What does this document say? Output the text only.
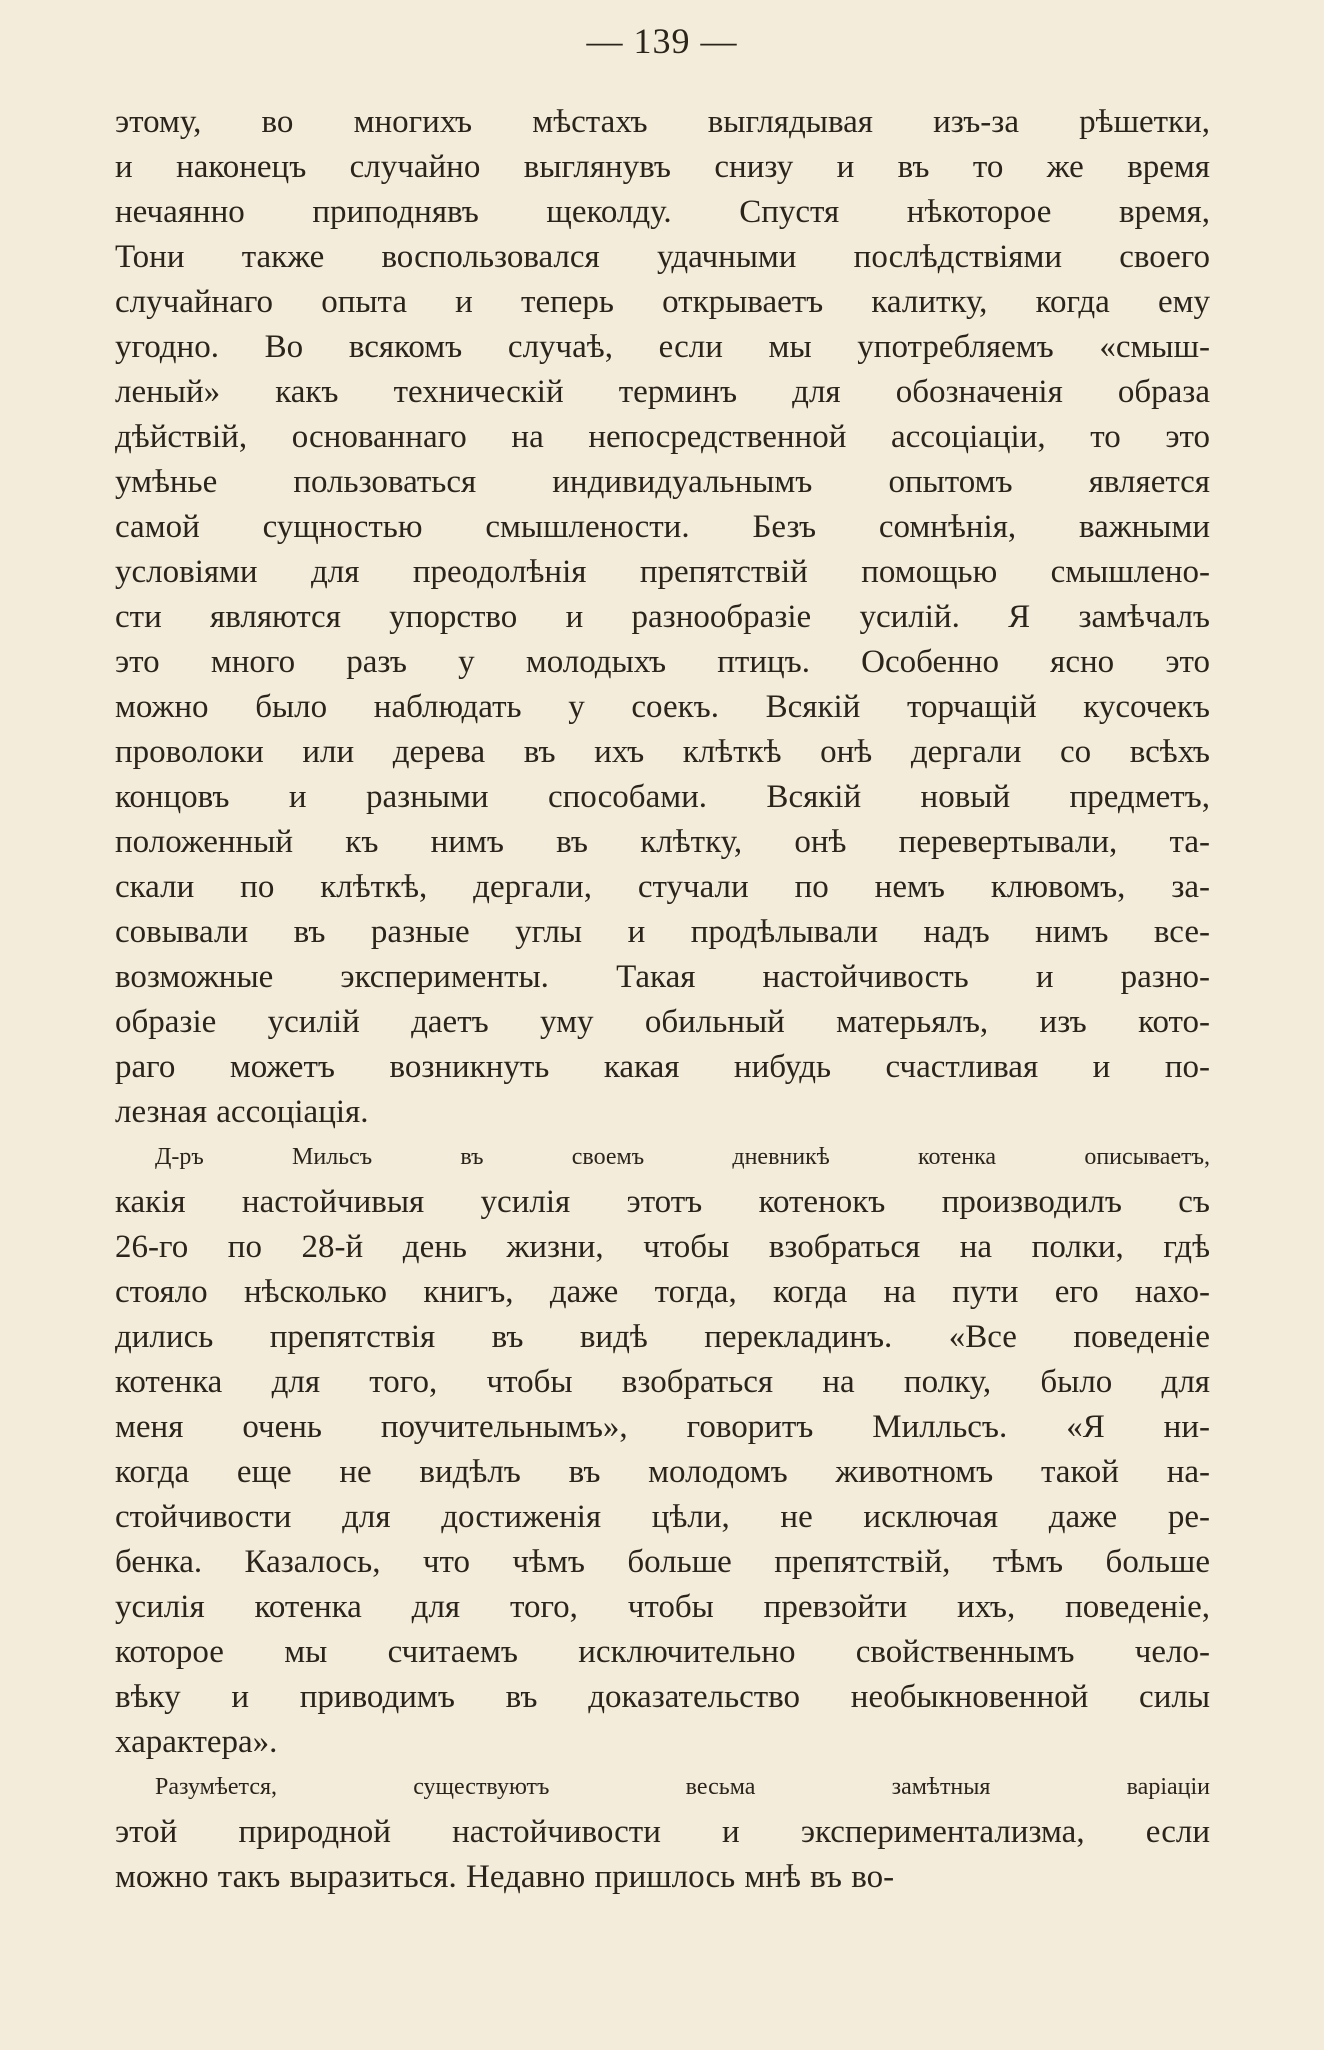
— 139 —
этому, во многихъ мѣстахъ выглядывая изъ-за рѣшетки,
и наконецъ случайно выглянувъ снизу и въ то же время
нечаянно приподнявъ щеколду. Спустя нѣкоторое время,
Тони также воспользовался удачными послѣдствіями своего
случайнаго опыта и теперь открываетъ калитку, когда ему
угодно. Во всякомъ случаѣ, если мы употребляемъ «смыш-
леный» какъ техническій терминъ для обозначенія образа
дѣйствій, основаннаго на непосредственной ассоціаціи, то это
умѣнье пользоваться индивидуальнымъ опытомъ является
самой сущностью смышлености. Безъ сомнѣнія, важными
условіями для преодолѣнія препятствій помощью смышлено-
сти являются упорство и разнообразіе усилій. Я замѣчалъ
это много разъ у молодыхъ птицъ. Особенно ясно это
можно было наблюдать у соекъ. Всякій торчащій кусочекъ
проволоки или дерева въ ихъ клѣткѣ онѣ дергали со всѣхъ
концовъ и разными способами. Всякій новый предметъ,
положенный къ нимъ въ клѣтку, онѣ перевертывали, та-
скали по клѣткѣ, дергали, стучали по немъ клювомъ, за-
совывали въ разные углы и продѣлывали надъ нимъ все-
возможные эксперименты. Такая настойчивость и разно-
образіе усилій даетъ уму обильный матерьялъ, изъ кото-
раго можетъ возникнуть какая нибудь счастливая и по-
лезная ассоціація.
Д-ръ Мильсъ въ своемъ дневникѣ котенка описываетъ,
какія настойчивыя усилія этотъ котенокъ производилъ съ
26-го по 28-й день жизни, чтобы взобраться на полки, гдѣ
стояло нѣсколько книгъ, даже тогда, когда на пути его нахо-
дились препятствія въ видѣ перекладинъ. «Все поведеніе
котенка для того, чтобы взобраться на полку, было для
меня очень поучительнымъ», говоритъ Милльсъ. «Я ни-
когда еще не видѣлъ въ молодомъ животномъ такой на-
стойчивости для достиженія цѣли, не исключая даже ре-
бенка. Казалось, что чѣмъ больше препятствій, тѣмъ больше
усилія котенка для того, чтобы превзойти ихъ, поведеніе,
которое мы считаемъ исключительно свойственнымъ чело-
вѣку и приводимъ въ доказательство необыкновенной силы
характера».
Разумѣется, существуютъ весьма замѣтныя варіаціи
этой природной настойчивости и экспериментализма, если
можно такъ выразиться. Недавно пришлось мнѣ въ во-
